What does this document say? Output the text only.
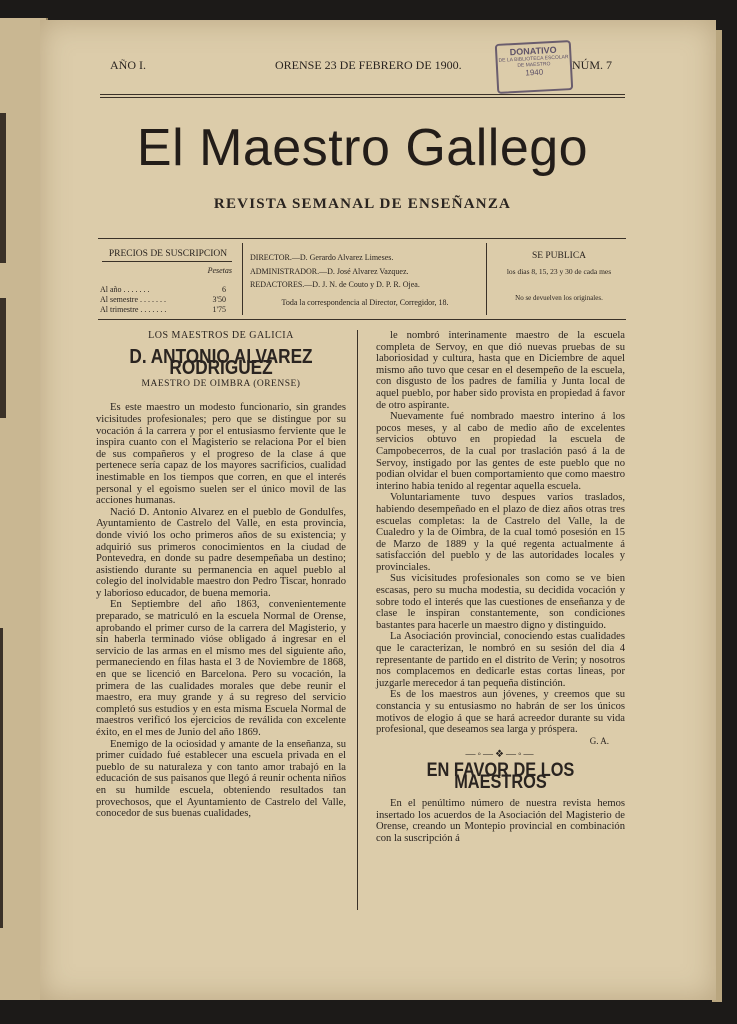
AÑO I.	ORENSE 23 DE FEBRERO DE 1900.	NÚM. 7
DONATIVO
DE LA BIBLIOTECA ESCOLAR DE MAESTRO
1940
El Maestro Gallego
REVISTA SEMANAL DE ENSEÑANZA
PRECIOS DE SUSCRIPCION
Pesetas
Al año . . . . . . .	6
Al semestre . . . . . . .	3'50
Al trimestre . . . . . . .	1'75
DIRECTOR.—D. Gerardo Alvarez Limeses.
ADMINISTRADOR.—D. José Alvarez Vazquez.
REDACTORES.—D. J. N. de Couto y D. P. R. Ojea.
Toda la correspondencia al Director, Corregidor, 18.
SE PUBLICA
los dias 8, 15, 23 y 30 de cada mes
No se devuelven los originales.
LOS MAESTROS DE GALICIA
D. ANTONIO ALVAREZ RODRIGUEZ
MAESTRO DE OIMBRA (ORENSE)

Es este maestro un modesto funcionario, sin grandes vicisitudes profesionales; pero que se distingue por su vocación á la carrera y por el entusiasmo ferviente que le inspira cuanto con el Magisterio se relaciona Por el bien de sus compañeros y el progreso de la clase á que pertenece sería capaz de los mayores sacrificios, cualidad inestimable en los tiempos que corren, en que el interés personal y el egoismo suelen ser el único movil de las acciones humanas.

Nació D. Antonio Alvarez en el pueblo de Gondulfes, Ayuntamiento de Castrelo del Valle, en esta provincia, donde vivió los ocho primeros años de su existencia; y adquirió sus primeros conocimientos en la ciudad de Pontevedra, en donde su padre desempeñaba un destino; asistiendo durante su permanencia en aquel pueblo al colegio del inolvidable maestro don Pedro Tiscar, honrado y laborioso educador, de buena memoria.

En Septiembre del año 1863, convenientemente preparado, se matriculó en la escuela Normal de Orense, aprobando el primer curso de la carrera del Magisterio, y sin haberla terminado vióse obligado á ingresar en el servicio de las armas en el mismo mes del siguiente año, permaneciendo en filas hasta el 3 de Noviembre de 1868, en que se licenció en Barcelona. Pero su vocación, la primera de las cualidades morales que debe reunir el maestro, era muy grande y á su regreso del servicio completó sus estudios y en esta misma Escuela Normal de maestros verificó los ejercicios de reválida con excelente éxito, en el mes de Junio del año 1869.

Enemigo de la ociosidad y amante de la enseñanza, su primer cuidado fué establecer una escuela privada en el pueblo de su naturaleza y con tanto amor trabajó en la educación de sus paisanos que llegó á reunir ochenta niños en su humilde escuela, obteniendo resultados tan provechosos, que el Ayuntamiento de Castrelo del Valle, conocedor de sus buenas cualidades,

le nombró interinamente maestro de la escuela completa de Servoy, en que dió nuevas pruebas de su laboriosidad y cultura, hasta que en Diciembre de aquel mismo año tuvo que cesar en el desempeño de la escuela, con disgusto de los padres de familia y Junta local de aquel pueblo, por haber sido provista en propiedad á favor de otro aspirante.

Nuevamente fué nombrado maestro interino á los pocos meses, y al cabo de medio año de excelentes servicios obtuvo en propiedad la escuela de Campobecerros, de la cual por traslación pasó á la de Servoy, instigado por las gentes de este pueblo que no podian olvidar el buen comportamiento que como maestro interino habia tenido al regentar aquella escuela.

Voluntariamente tuvo despues varios traslados, habiendo desempeñado en el plazo de diez años otras tres escuelas completas: la de Castrelo del Valle, la de Cualedro y la de Oimbra, de la cual tomó posesión en 15 de Marzo de 1889 y la qué regenta actualmente á satisfacción del pueblo y de las autoridades locales y provinciales.

Sus vicisitudes profesionales son como se ve bien escasas, pero su mucha modestia, su decidida vocación y sobre todo el interés que las cuestiones de enseñanza y de clase le inspiran constantemente, son condiciones bastantes para hacerle un maestro digno y distinguido.

La Asociación provincial, conociendo estas cualidades que le caracterizan, le nombró en su sesión del dia 4 representante de partido en el distrito de Verin; y nosotros nos complacemos en dedicarle estas cortas lineas, por juzgarle merecedor á tan pequeña distinción.

Es de los maestros aun jóvenes, y creemos que su constancia y su entusiasmo no habrán de ser los únicos motivos de elogio á que se hará acreedor durante su vida profesional, que deseamos sea larga y próspera.

G. A.

—◦—❖—◦—
EN FAVOR DE LOS MAESTROS

En el penúltimo número de nuestra revista hemos insertado los acuerdos de la Asociación del Magisterio de Orense, creando un Montepio provincial en combinación con la suscripción á
